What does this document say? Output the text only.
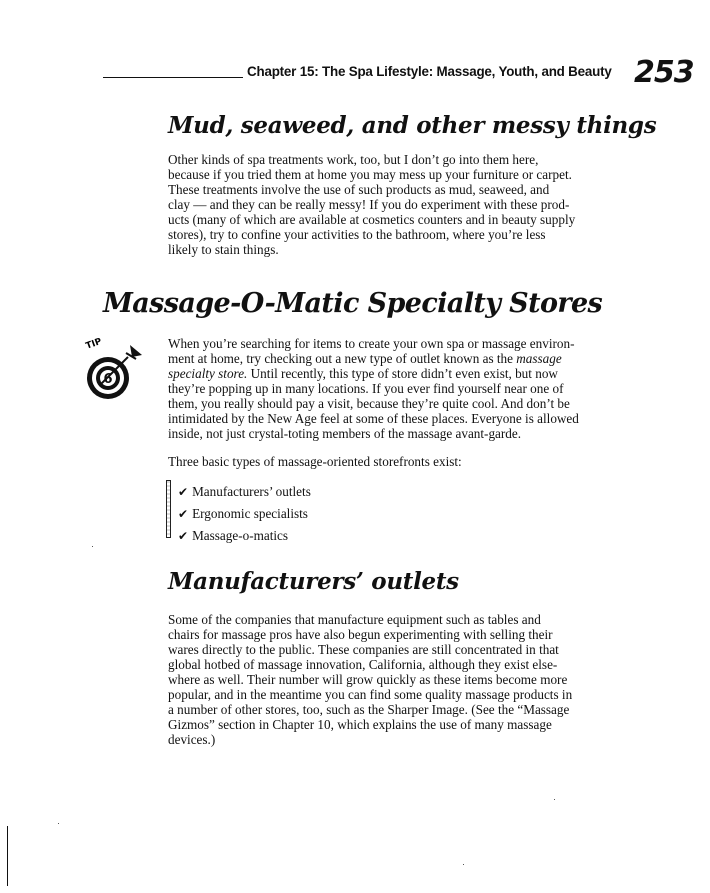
Chapter 15: The Spa Lifestyle: Massage, Youth, and Beauty 253
Mud, seaweed, and other messy things
Other kinds of spa treatments work, too, but I don’t go into them here,
because if you tried them at home you may mess up your furniture or carpet.
These treatments involve the use of such products as mud, seaweed, and
clay — and they can be really messy! If you do experiment with these prod-
ucts (many of which are available at cosmetics counters and in beauty supply
stores), try to confine your activities to the bathroom, where you’re less
likely to stain things.
Massage-O-Matic Specialty Stores
TIP
6
When you’re searching for items to create your own spa or massage environ-
ment at home, try checking out a new type of outlet known as the massage
specialty store. Until recently, this type of store didn’t even exist, but now
they’re popping up in many locations. If you ever find yourself near one of
them, you really should pay a visit, because they’re quite cool. And don’t be
intimidated by the New Age feel at some of these places. Everyone is allowed
inside, not just crystal-toting members of the massage avant-garde.

Three basic types of massage-oriented storefronts exist:

✔ Manufacturers’ outlets
✔ Ergonomic specialists
✔ Massage-o-matics
Manufacturers’ outlets
Some of the companies that manufacture equipment such as tables and
chairs for massage pros have also begun experimenting with selling their
wares directly to the public. These companies are still concentrated in that
global hotbed of massage innovation, California, although they exist else-
where as well. Their number will grow quickly as these items become more
popular, and in the meantime you can find some quality massage products in
a number of other stores, too, such as the Sharper Image. (See the “Massage
Gizmos” section in Chapter 10, which explains the use of many massage
devices.)
